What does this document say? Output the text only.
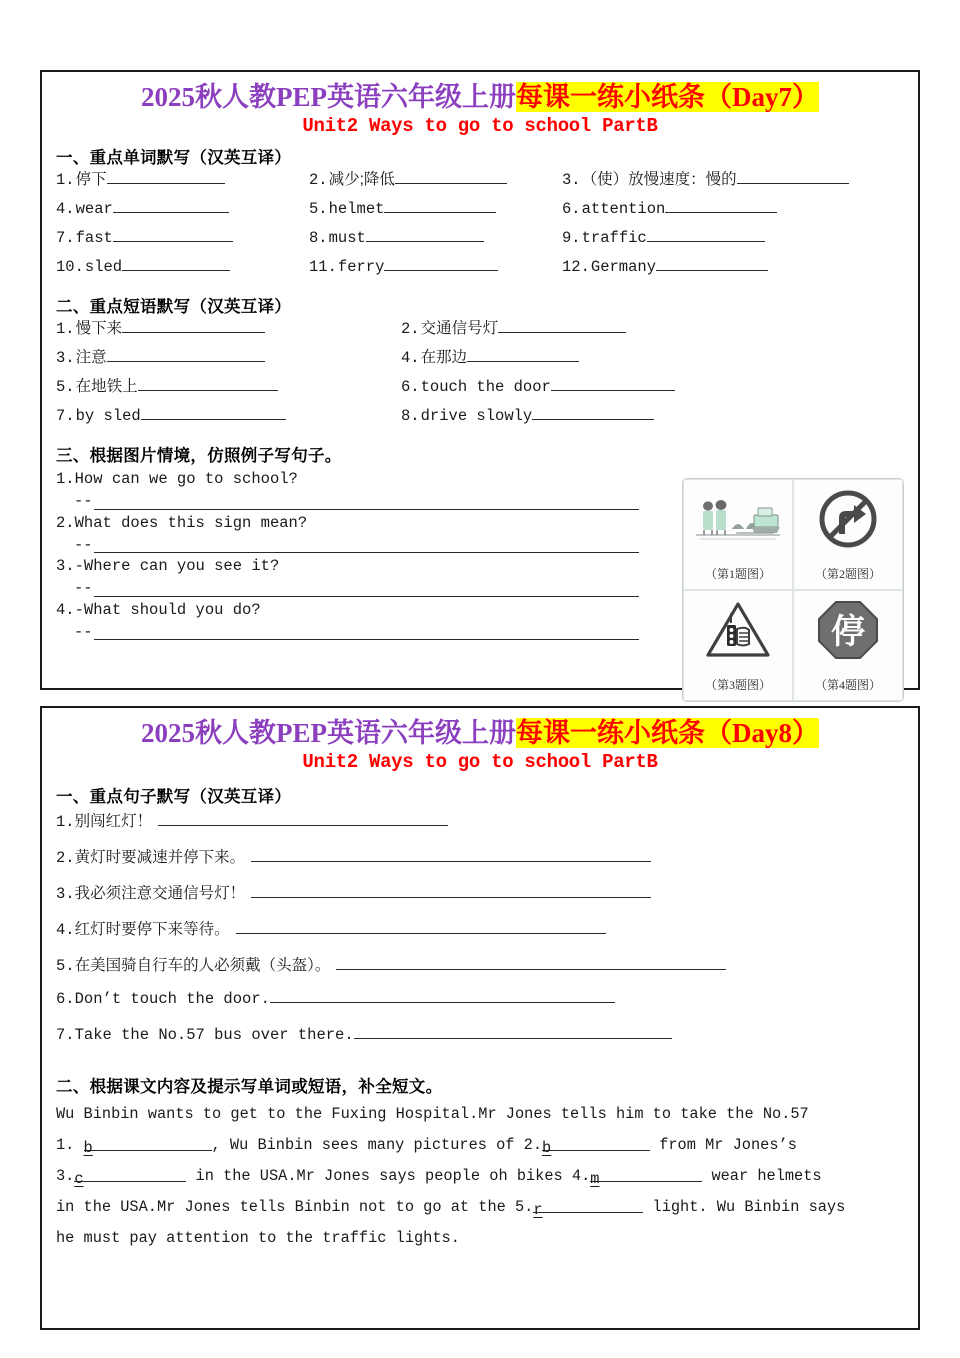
2025秋人教PEP英语六年级上册每课一练小纸条（Day7）
Unit2 Ways to go to school PartB
一、重点单词默写（汉英互译）
1. 停下	2. 减少;降低	3. （使）放慢速度：慢的
4. wear	5. helmet	6. attention
7. fast	8. must	9. traffic
10. sled	11. ferry	12. Germany
二、重点短语默写（汉英互译）
1. 慢下来	2. 交通信号灯
3. 注意	4. 在那边
5. 在地铁上	6. touch the door
7. by sled	8. drive slowly
三、根据图片情境，仿照例子写句子。
1.How can we go to school?
--
2.What does this sign mean?
--
3.-Where can you see it?
--
4.-What should you do?
--
（第1题图）	（第2题图）
（第3题图）
停
（第4题图）
2025秋人教PEP英语六年级上册每课一练小纸条（Day8）
Unit2 Ways to go to school PartB
一、重点句子默写（汉英互译）
1. 别闯红灯！
2. 黄灯时要减速并停下来。
3. 我必须注意交通信号灯！
4. 红灯时要停下来等待。
5. 在美国骑自行车的人必须戴（头盔）。
6. Don’t touch the door.
7. Take the No.57 bus over there.
二、根据课文内容及提示写单词或短语，补全短文。
Wu Binbin wants to get to the Fuxing Hospital.Mr Jones tells him to take the No.57
1. b	, Wu Binbin sees many pictures of 2.b	from Mr Jones’s
3.c	in the USA.Mr Jones says people oh bikes 4.m	wear helmets
in the USA.Mr Jones tells Binbin not to go at the 5.r	light. Wu Binbin says
he must pay attention to the traffic lights.
